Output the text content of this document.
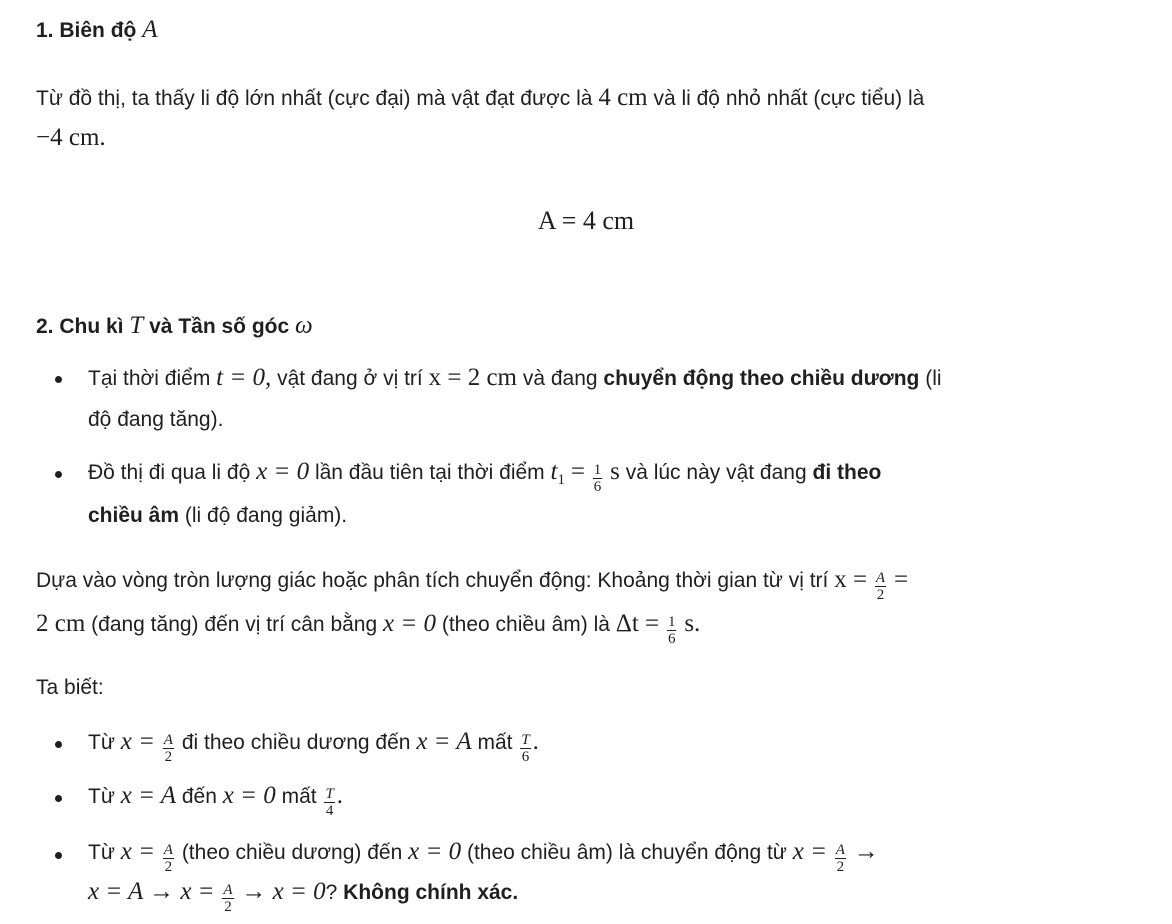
1. Biên độ A
Từ đồ thị, ta thấy li độ lớn nhất (cực đại) mà vật đạt được là 4 cm và li độ nhỏ nhất (cực tiểu) là
−4 cm.
A = 4 cm
2. Chu kì T và Tần số góc ω
Tại thời điểm t = 0, vật đang ở vị trí x = 2 cm và đang chuyển động theo chiều dương (li
độ đang tăng).
Đồ thị đi qua li độ x = 0 lần đầu tiên tại thời điểm $t_1 = \frac{1}{6}$ s và lúc này vật đang đi theo
chiều âm (li độ đang giảm).
Dựa vào vòng tròn lượng giác hoặc phân tích chuyển động: Khoảng thời gian từ vị trí $x = \frac{A}{2}$ =
2 cm (đang tăng) đến vị trí cân bằng x = 0 (theo chiều âm) là $\Delta t = \frac{1}{6} s$.
Ta biết:
Từ $x = \frac{A}{2}$ đi theo chiều dương đến x = A mất $\frac{T}{6}$ .
Từ x = A đến x = 0 mất $\frac{T}{4}$ .
Từ $x = \frac{A}{2}$ (theo chiều dương) đến x = 0 (theo chiều âm) là chuyển động từ $x = \frac{A}{2}$ →
$x = A \to x = \frac{A}{2} \to x = 0$? Không chính xác.
